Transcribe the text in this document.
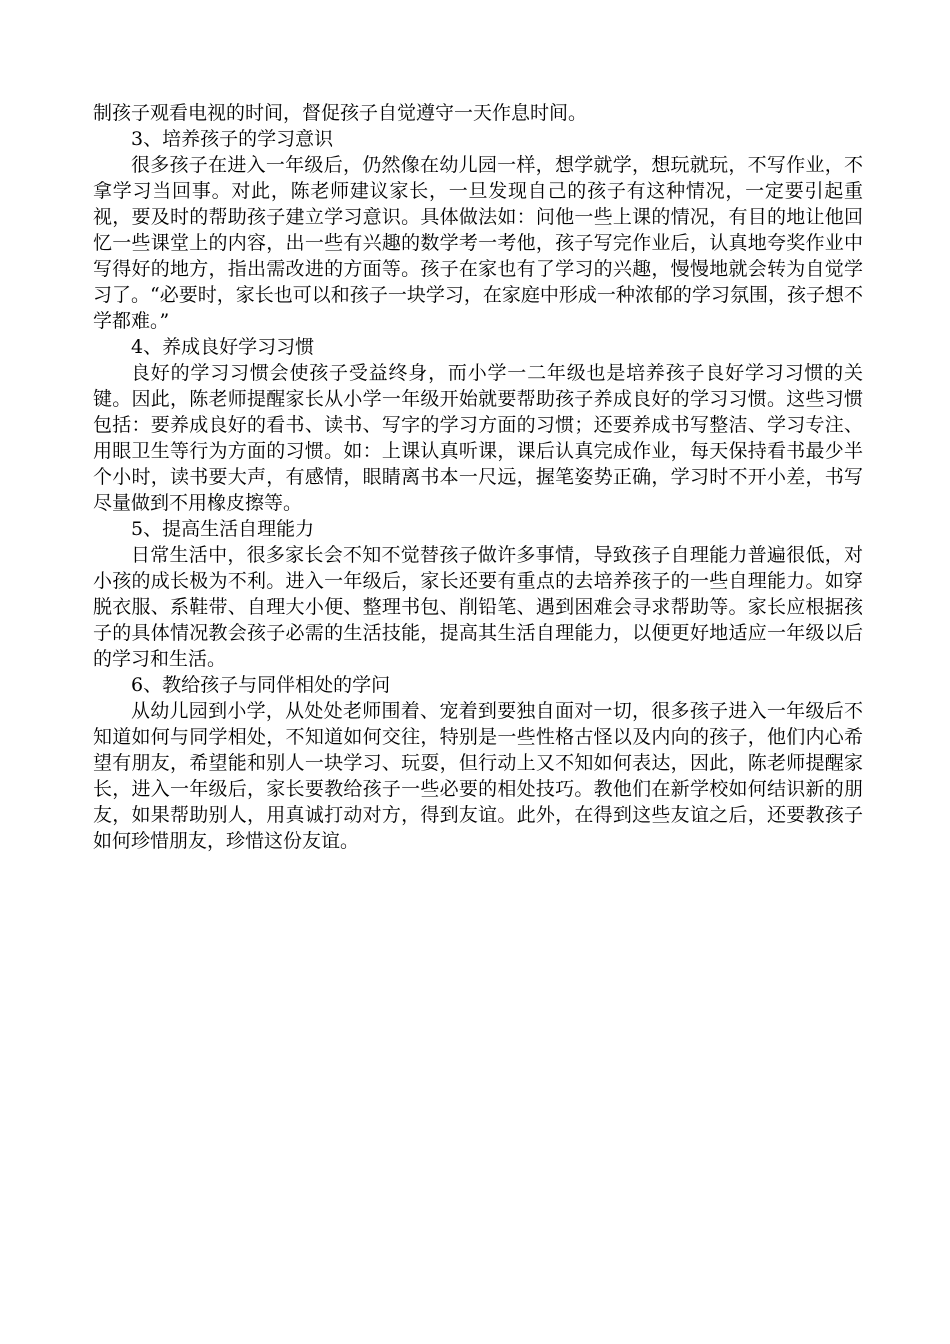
制孩子观看电视的时间，督促孩子自觉遵守一天作息时间。

3、培养孩子的学习意识

很多孩子在进入一年级后，仍然像在幼儿园一样，想学就学，想玩就玩，不写作业，不拿学习当回事。对此，陈老师建议家长，一旦发现自己的孩子有这种情况，一定要引起重视，要及时的帮助孩子建立学习意识。具体做法如：问他一些上课的情况，有目的地让他回忆一些课堂上的内容，出一些有兴趣的数学考一考他，孩子写完作业后，认真地夸奖作业中写得好的地方，指出需改进的方面等。孩子在家也有了学习的兴趣，慢慢地就会转为自觉学习了。“必要时，家长也可以和孩子一块学习，在家庭中形成一种浓郁的学习氛围，孩子想不学都难。”

4、养成良好学习习惯

良好的学习习惯会使孩子受益终身，而小学一二年级也是培养孩子良好学习习惯的关键。因此，陈老师提醒家长从小学一年级开始就要帮助孩子养成良好的学习习惯。这些习惯包括：要养成良好的看书、读书、写字的学习方面的习惯；还要养成书写整洁、学习专注、用眼卫生等行为方面的习惯。如：上课认真听课，课后认真完成作业，每天保持看书最少半个小时，读书要大声，有感情，眼睛离书本一尺远，握笔姿势正确，学习时不开小差，书写尽量做到不用橡皮擦等。

5、提高生活自理能力

日常生活中，很多家长会不知不觉替孩子做许多事情，导致孩子自理能力普遍很低，对小孩的成长极为不利。进入一年级后，家长还要有重点的去培养孩子的一些自理能力。如穿脱衣服、系鞋带、自理大小便、整理书包、削铅笔、遇到困难会寻求帮助等。家长应根据孩子的具体情况教会孩子必需的生活技能，提高其生活自理能力，以便更好地适应一年级以后的学习和生活。

6、教给孩子与同伴相处的学问

从幼儿园到小学，从处处老师围着、宠着到要独自面对一切，很多孩子进入一年级后不知道如何与同学相处，不知道如何交往，特别是一些性格古怪以及内向的孩子，他们内心希望有朋友，希望能和别人一块学习、玩耍，但行动上又不知如何表达，因此，陈老师提醒家长，进入一年级后，家长要教给孩子一些必要的相处技巧。教他们在新学校如何结识新的朋友，如果帮助别人，用真诚打动对方，得到友谊。此外，在得到这些友谊之后，还要教孩子如何珍惜朋友，珍惜这份友谊。
